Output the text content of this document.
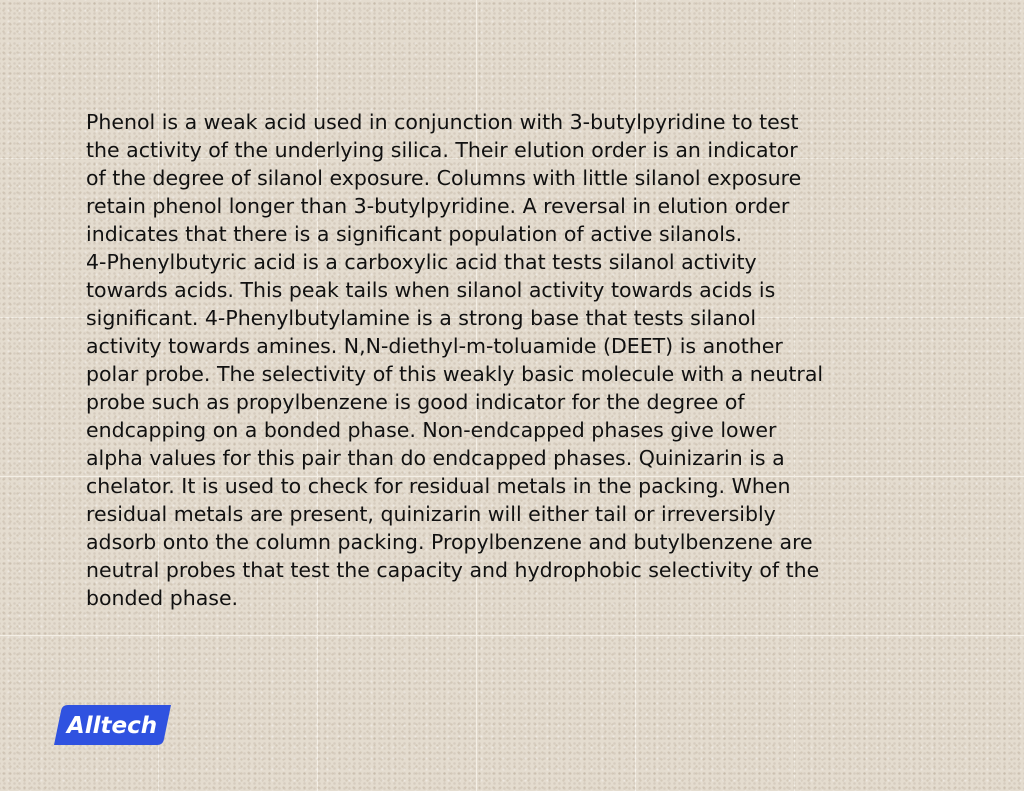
Phenol is a weak acid used in conjunction with 3-butylpyridine to test
the activity of the underlying silica. Their elution order is an indicator
of the degree of silanol exposure. Columns with little silanol exposure
retain phenol longer than 3-butylpyridine. A reversal in elution order
indicates that there is a significant population of active silanols.
4-Phenylbutyric acid is a carboxylic acid that tests silanol activity
towards acids. This peak tails when silanol activity towards acids is
significant. 4-Phenylbutylamine is a strong base that tests silanol
activity towards amines. N,N-diethyl-m-toluamide (DEET) is another
polar probe. The selectivity of this weakly basic molecule with a neutral
probe such as propylbenzene is good indicator for the degree of
endcapping on a bonded phase. Non-endcapped phases give lower
alpha values for this pair than do endcapped phases. Quinizarin is a
chelator. It is used to check for residual metals in the packing. When
residual metals are present, quinizarin will either tail or irreversibly
adsorb onto the column packing. Propylbenzene and butylbenzene are
neutral probes that test the capacity and hydrophobic selectivity of the
bonded phase.

Alltech
